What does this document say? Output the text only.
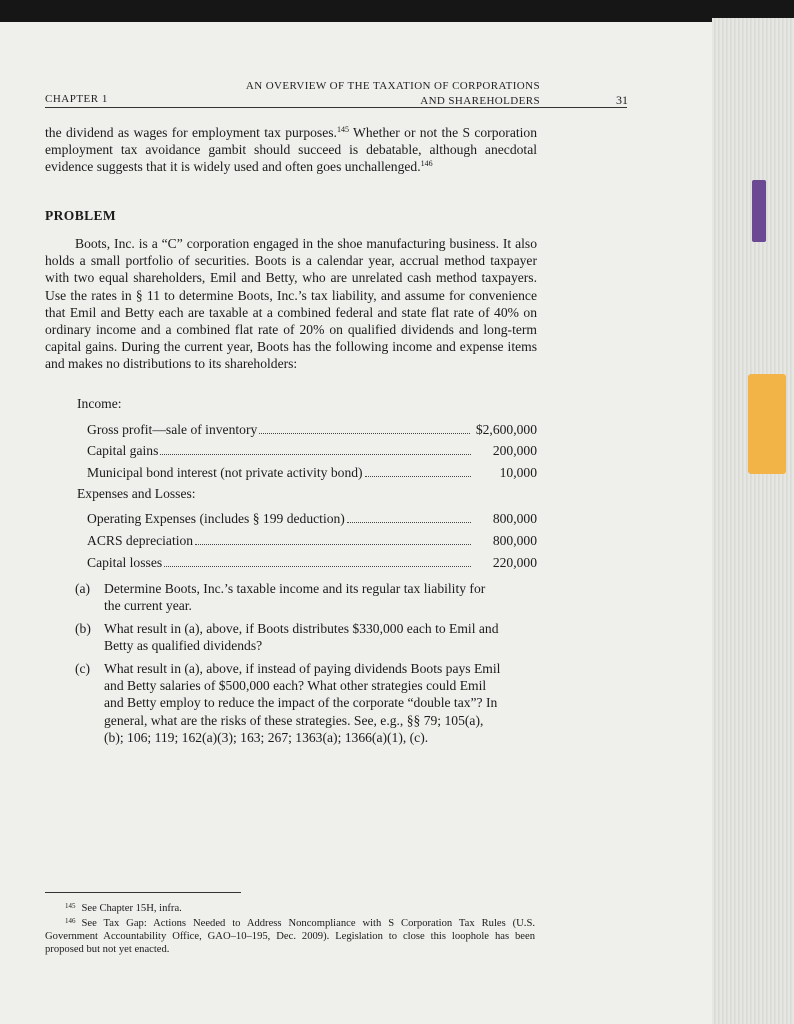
CHAPTER 1
AN OVERVIEW OF THE TAXATION OF CORPORATIONS
AND SHAREHOLDERS	31
the dividend as wages for employment tax purposes.$^{145}$ Whether or not the S corporation employment tax avoidance gambit should succeed is debatable, although anecdotal evidence suggests that it is widely used and often goes unchallenged.$^{146}$
PROBLEM
Boots, Inc. is a “C” corporation engaged in the shoe manufacturing business. It also holds a small portfolio of securities. Boots is a calendar year, accrual method taxpayer with two equal shareholders, Emil and Betty, who are unrelated cash method taxpayers. Use the rates in § 11 to determine Boots, Inc.’s tax liability, and assume for convenience that Emil and Betty each are taxable at a combined federal and state flat rate of 40% on ordinary income and a combined flat rate of 20% on qualified dividends and long-term capital gains. During the current year, Boots has the following income and expense items and makes no distributions to its shareholders:
Income:
Gross profit—sale of inventory	$2,600,000
Capital gains	200,000
Municipal bond interest (not private activity bond)	10,000
Expenses and Losses:
Operating Expenses (includes § 199 deduction)	800,000
ACRS depreciation	800,000
Capital losses	220,000
(a) Determine Boots, Inc.’s taxable income and its regular tax liability for the current year.
(b) What result in (a), above, if Boots distributes $330,000 each to Emil and Betty as qualified dividends?
(c) What result in (a), above, if instead of paying dividends Boots pays Emil and Betty salaries of $500,000 each? What other strategies could Emil and Betty employ to reduce the impact of the corporate “double tax”? In general, what are the risks of these strategies. See, e.g., §§ 79; 105(a), (b); 106; 119; 162(a)(3); 163; 267; 1363(a); 1366(a)(1), (c).
$^{145}$ See Chapter 15H, infra.
$^{146}$ See Tax Gap: Actions Needed to Address Noncompliance with S Corporation Tax Rules (U.S. Government Accountability Office, GAO–10–195, Dec. 2009). Legislation to close this loophole has been proposed but not yet enacted.
